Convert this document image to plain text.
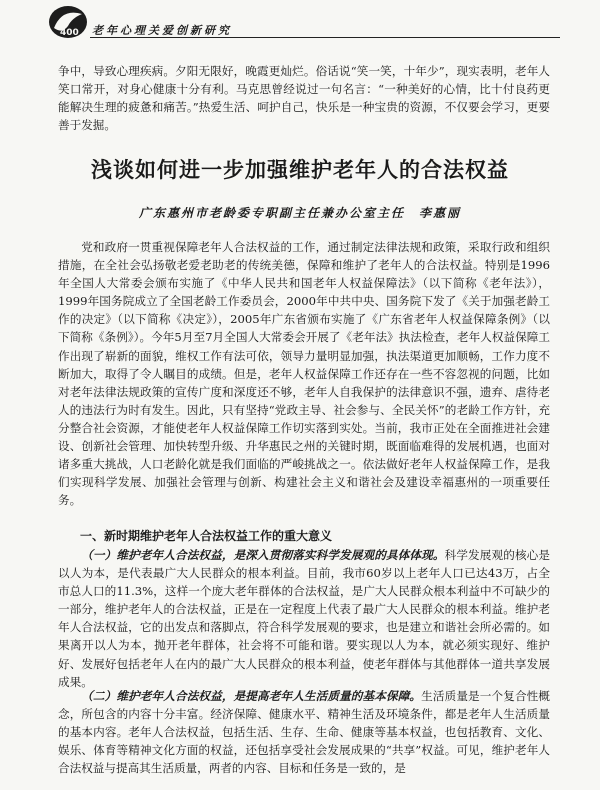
400 老年心理关爱创新研究
争中，导致心理疾病。夕阳无限好，晚霞更灿烂。俗话说“笑一笑，十年少”，现实表明，老年人笑口常开，对身心健康十分有利。马克思曾经说过一句名言：“一种美好的心情，比十付良药更能解决生理的疲惫和痛苦。”热爱生活、呵护自己，快乐是一种宝贵的资源，不仅要会学习，更要善于发掘。
浅谈如何进一步加强维护老年人的合法权益
广东惠州市老龄委专职副主任兼办公室主任　李惠丽
党和政府一贯重视保障老年人合法权益的工作，通过制定法律法规和政策，采取行政和组织措施，在全社会弘扬敬老爱老助老的传统美德，保障和维护了老年人的合法权益。特别是1996年全国人大常委会颁布实施了《中华人民共和国老年人权益保障法》（以下简称《老年法》），1999年国务院成立了全国老龄工作委员会，2000年中共中央、国务院下发了《关于加强老龄工作的决定》（以下简称《决定》），2005年广东省颁布实施了《广东省老年人权益保障条例》（以下简称《条例》）。今年5月至7月全国人大常委会开展了《老年法》执法检查，老年人权益保障工作出现了崭新的面貌，维权工作有法可依，领导力量明显加强，执法渠道更加顺畅，工作力度不断加大，取得了令人瞩目的成绩。但是，老年人权益保障工作还存在一些不容忽视的问题，比如对老年法律法规政策的宣传广度和深度还不够，老年人自我保护的法律意识不强，遗弃、虐待老人的违法行为时有发生。因此，只有坚持“党政主导、社会参与、全民关怀”的老龄工作方针，充分整合社会资源，才能使老年人权益保障工作切实落到实处。当前，我市正处在全面推进社会建设、创新社会管理、加快转型升级、升华惠民之州的关键时期，既面临难得的发展机遇，也面对诸多重大挑战，人口老龄化就是我们面临的严峻挑战之一。依法做好老年人权益保障工作，是我们实现科学发展、加强社会管理与创新、构建社会主义和谐社会及建设幸福惠州的一项重要任务。
一、新时期维护老年人合法权益工作的重大意义
（一）维护老年人合法权益，是深入贯彻落实科学发展观的具体体现。科学发展观的核心是以人为本，是代表最广大人民群众的根本利益。目前，我市60岁以上老年人口已达43万，占全市总人口的11.3%，这样一个庞大老年群体的合法权益，是广大人民群众根本利益中不可缺少的一部分，维护老年人的合法权益，正是在一定程度上代表了最广大人民群众的根本利益。维护老年人合法权益，它的出发点和落脚点，符合科学发展观的要求，也是建立和谐社会所必需的。如果离开以人为本，抛开老年群体，社会将不可能和谐。要实现以人为本，就必须实现好、维护好、发展好包括老年人在内的最广大人民群众的根本利益，使老年群体与其他群体一道共享发展成果。
（二）维护老年人合法权益，是提高老年人生活质量的基本保障。生活质量是一个复合性概念，所包含的内容十分丰富。经济保障、健康水平、精神生活及环境条件，都是老年人生活质量的基本内容。老年人合法权益，包括生活、生存、生命、健康等基本权益，也包括教育、文化、娱乐、体育等精神文化方面的权益，还包括享受社会发展成果的“共享”权益。可见，维护老年人合法权益与提高其生活质量，两者的内容、目标和任务是一致的，是
